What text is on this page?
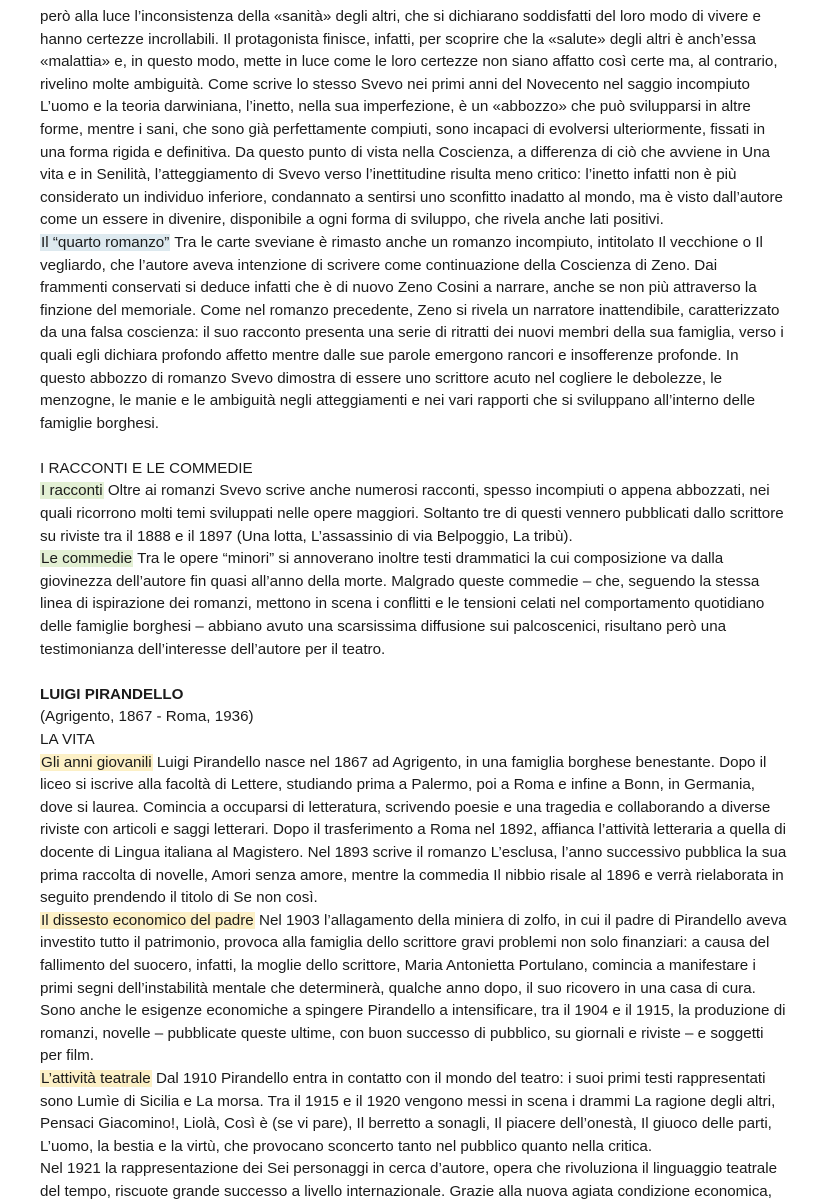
però alla luce l’inconsistenza della «sanità» degli altri, che si dichiarano soddisfatti del loro modo di vivere e hanno certezze incrollabili. Il protagonista finisce, infatti, per scoprire che la «salute» degli altri è anch’essa «malattia» e, in questo modo, mette in luce come le loro certezze non siano affatto così certe ma, al contrario, rivelino molte ambiguità. Come scrive lo stesso Svevo nei primi anni del Novecento nel saggio incompiuto L’uomo e la teoria darwiniana, l’inetto, nella sua imperfezione, è un «abbozzo» che può svilupparsi in altre forme, mentre i sani, che sono già perfettamente compiuti, sono incapaci di evolversi ulteriormente, fissati in una forma rigida e definitiva. Da questo punto di vista nella Coscienza, a differenza di ciò che avviene in Una vita e in Senilità, l’atteggiamento di Svevo verso l’inettitudine risulta meno critico: l’inetto infatti non è più considerato un individuo inferiore, condannato a sentirsi uno sconfitto inadatto al mondo, ma è visto dall’autore come un essere in divenire, disponibile a ogni forma di sviluppo, che rivela anche lati positivi.

Il “quarto romanzo” Tra le carte sveviane è rimasto anche un romanzo incompiuto, intitolato Il vecchione o Il vegliardo, che l’autore aveva intenzione di scrivere come continuazione della Coscienza di Zeno. Dai frammenti conservati si deduce infatti che è di nuovo Zeno Cosini a narrare, anche se non più attraverso la finzione del memoriale. Come nel romanzo precedente, Zeno si rivela un narratore inattendibile, caratterizzato da una falsa coscienza: il suo racconto presenta una serie di ritratti dei nuovi membri della sua famiglia, verso i quali egli dichiara profondo affetto mentre dalle sue parole emergono rancori e insofferenze profonde. In questo abbozzo di romanzo Svevo dimostra di essere uno scrittore acuto nel cogliere le debolezze, le menzogne, le manie e le ambiguità negli atteggiamenti e nei vari rapporti che si sviluppano all’interno delle famiglie borghesi.

I RACCONTI E LE COMMEDIE

I racconti Oltre ai romanzi Svevo scrive anche numerosi racconti, spesso incompiuti o appena abbozzati, nei quali ricorrono molti temi sviluppati nelle opere maggiori. Soltanto tre di questi vennero pubblicati dallo scrittore su riviste tra il 1888 e il 1897 (Una lotta, L’assassinio di via Belpoggio, La tribù).

Le commedie Tra le opere “minori” si annoverano inoltre testi drammatici la cui composizione va dalla giovinezza dell’autore fin quasi all’anno della morte. Malgrado queste commedie – che, seguendo la stessa linea di ispirazione dei romanzi, mettono in scena i conflitti e le tensioni celati nel comportamento quotidiano delle famiglie borghesi – abbiano avuto una scarsissima diffusione sui palcoscenici, risultano però una testimonianza dell’interesse dell’autore per il teatro.

LUIGI PIRANDELLO

(Agrigento, 1867 - Roma, 1936)

LA VITA

Gli anni giovanili Luigi Pirandello nasce nel 1867 ad Agrigento, in una famiglia borghese benestante. Dopo il liceo si iscrive alla facoltà di Lettere, studiando prima a Palermo, poi a Roma e infine a Bonn, in Germania, dove si laurea. Comincia a occuparsi di letteratura, scrivendo poesie e una tragedia e collaborando a diverse riviste con articoli e saggi letterari. Dopo il trasferimento a Roma nel 1892, affianca l’attività letteraria a quella di docente di Lingua italiana al Magistero. Nel 1893 scrive il romanzo L’esclusa, l’anno successivo pubblica la sua prima raccolta di novelle, Amori senza amore, mentre la commedia Il nibbio risale al 1896 e verrà rielaborata in seguito prendendo il titolo di Se non così.

Il dissesto economico del padre Nel 1903 l’allagamento della miniera di zolfo, in cui il padre di Pirandello aveva investito tutto il patrimonio, provoca alla famiglia dello scrittore gravi problemi non solo finanziari: a causa del fallimento del suocero, infatti, la moglie dello scrittore, Maria Antonietta Portulano, comincia a manifestare i primi segni dell’instabilità mentale che determinerà, qualche anno dopo, il suo ricovero in una casa di cura. Sono anche le esigenze economiche a spingere Pirandello a intensificare, tra il 1904 e il 1915, la produzione di romanzi, novelle – pubblicate queste ultime, con buon successo di pubblico, su giornali e riviste – e soggetti per film.

L’attività teatrale Dal 1910 Pirandello entra in contatto con il mondo del teatro: i suoi primi testi rappresentati sono Lumìe di Sicilia e La morsa. Tra il 1915 e il 1920 vengono messi in scena i drammi La ragione degli altri, Pensaci Giacomino!, Liolà, Così è (se vi pare), Il berretto a sonagli, Il piacere dell’onestà, Il giuoco delle parti, L’uomo, la bestia e la virtù, che provocano sconcerto tanto nel pubblico quanto nella critica.

Nel 1921 la rappresentazione dei Sei personaggi in cerca d’autore, opera che rivoluziona il linguaggio teatrale del tempo, riscuote grande successo a livello internazionale. Grazie alla nuova agiata condizione economica,
